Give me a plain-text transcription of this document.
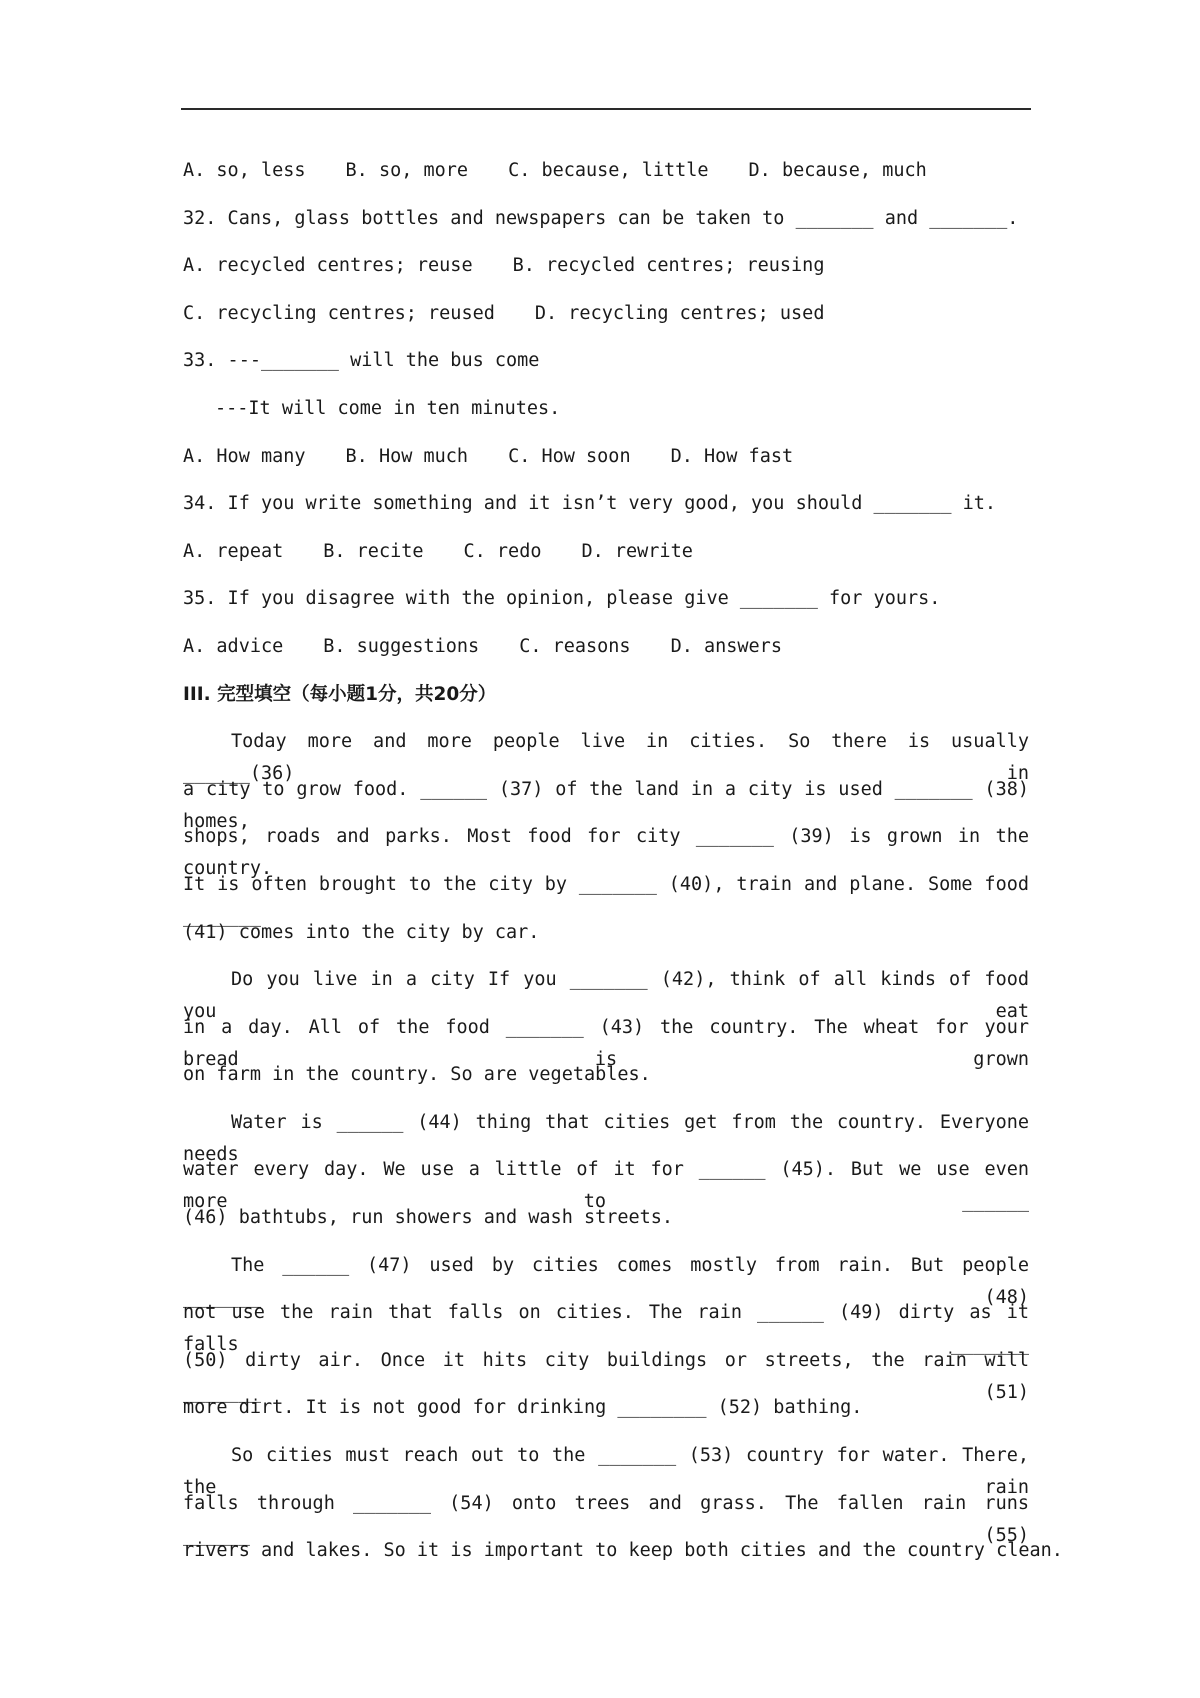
A. so, less B. so, more C. because, little D. because, much
32. Cans, glass bottles and newspapers can be taken to _______ and _______.
A. recycled centres; reuse B. recycled centres; reusing
C. recycling centres; reused D. recycling centres; used
33. ---_______ will the bus come
---It will come in ten minutes.
A. How many B. How much C. How soon D. How fast
34. If you write something and it isn’t very good, you should _______ it.
A. repeat B. recite C. redo D. rewrite
35. If you disagree with the opinion, please give _______ for yours.
A. advice B. suggestions C. reasons D. answers
III. 完型填空（每小题1分，共20分）
Today more and more people live in cities. So there is usually ______(36) in
a city to grow food. ______ (37) of the land in a city is used _______ (38) homes,
shops, roads and parks. Most food for city _______ (39) is grown in the country.
It is often brought to the city by _______ (40), train and plane. Some food _______
(41) comes into the city by car.
Do you live in a city If you _______ (42), think of all kinds of food you eat
in a day. All of the food _______ (43) the country. The wheat for your bread is grown
on farm in the country. So are vegetables.
Water is ______ (44) thing that cities get from the country. Everyone needs
water every day. We use a little of it for ______ (45). But we use even more to ______
(46) bathtubs, run showers and wash streets.
The ______ (47) used by cities comes mostly from rain. But people _______ (48)
not use the rain that falls on cities. The rain ______ (49) dirty as it falls _______
(50) dirty air. Once it hits city buildings or streets, the rain will _______ (51)
more dirt. It is not good for drinking ________ (52) bathing.
So cities must reach out to the _______ (53) country for water. There, the rain
falls through _______ (54) onto trees and grass. The fallen rain runs ______ (55)
rivers and lakes. So it is important to keep both cities and the country clean.
